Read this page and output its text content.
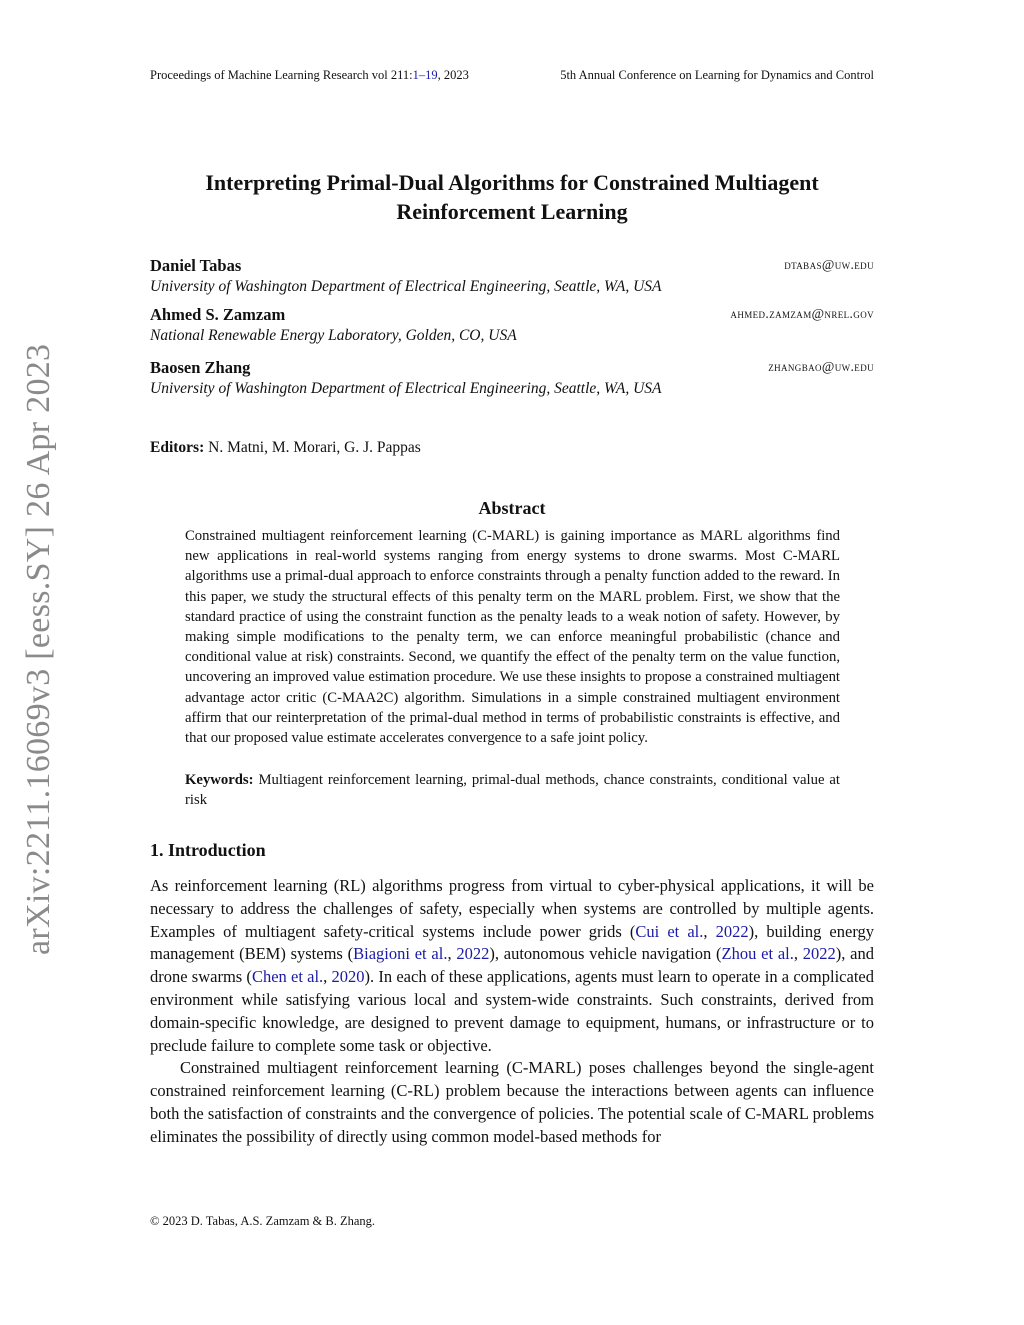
Proceedings of Machine Learning Research vol 211:1–19, 2023	5th Annual Conference on Learning for Dynamics and Control
Interpreting Primal-Dual Algorithms for Constrained Multiagent
Reinforcement Learning
Daniel Tabas	dtabas@uw.edu
University of Washington Department of Electrical Engineering, Seattle, WA, USA
Ahmed S. Zamzam	ahmed.zamzam@nrel.gov
National Renewable Energy Laboratory, Golden, CO, USA
Baosen Zhang	zhangbao@uw.edu
University of Washington Department of Electrical Engineering, Seattle, WA, USA
Editors: N. Matni, M. Morari, G. J. Pappas
Abstract
Constrained multiagent reinforcement learning (C-MARL) is gaining importance as MARL algorithms find new applications in real-world systems ranging from energy systems to drone swarms. Most C-MARL algorithms use a primal-dual approach to enforce constraints through a penalty function added to the reward. In this paper, we study the structural effects of this penalty term on the MARL problem. First, we show that the standard practice of using the constraint function as the penalty leads to a weak notion of safety. However, by making simple modifications to the penalty term, we can enforce meaningful probabilistic (chance and conditional value at risk) constraints. Second, we quantify the effect of the penalty term on the value function, uncovering an improved value estimation procedure. We use these insights to propose a constrained multiagent advantage actor critic (C-MAA2C) algorithm. Simulations in a simple constrained multiagent environment affirm that our reinterpretation of the primal-dual method in terms of probabilistic constraints is effective, and that our proposed value estimate accelerates convergence to a safe joint policy.
Keywords: Multiagent reinforcement learning, primal-dual methods, chance constraints, conditional value at risk
1. Introduction

As reinforcement learning (RL) algorithms progress from virtual to cyber-physical applications, it will be necessary to address the challenges of safety, especially when systems are controlled by multiple agents. Examples of multiagent safety-critical systems include power grids (Cui et al., 2022), building energy management (BEM) systems (Biagioni et al., 2022), autonomous vehicle navigation (Zhou et al., 2022), and drone swarms (Chen et al., 2020). In each of these applications, agents must learn to operate in a complicated environment while satisfying various local and system-wide constraints. Such constraints, derived from domain-specific knowledge, are designed to prevent damage to equipment, humans, or infrastructure or to preclude failure to complete some task or objective.

Constrained multiagent reinforcement learning (C-MARL) poses challenges beyond the single-agent constrained reinforcement learning (C-RL) problem because the interactions between agents can influence both the satisfaction of constraints and the convergence of policies. The potential scale of C-MARL problems eliminates the possibility of directly using common model-based methods for

© 2023 D. Tabas, A.S. Zamzam & B. Zhang.
arXiv:2211.16069v3 [eess.SY] 26 Apr 2023
